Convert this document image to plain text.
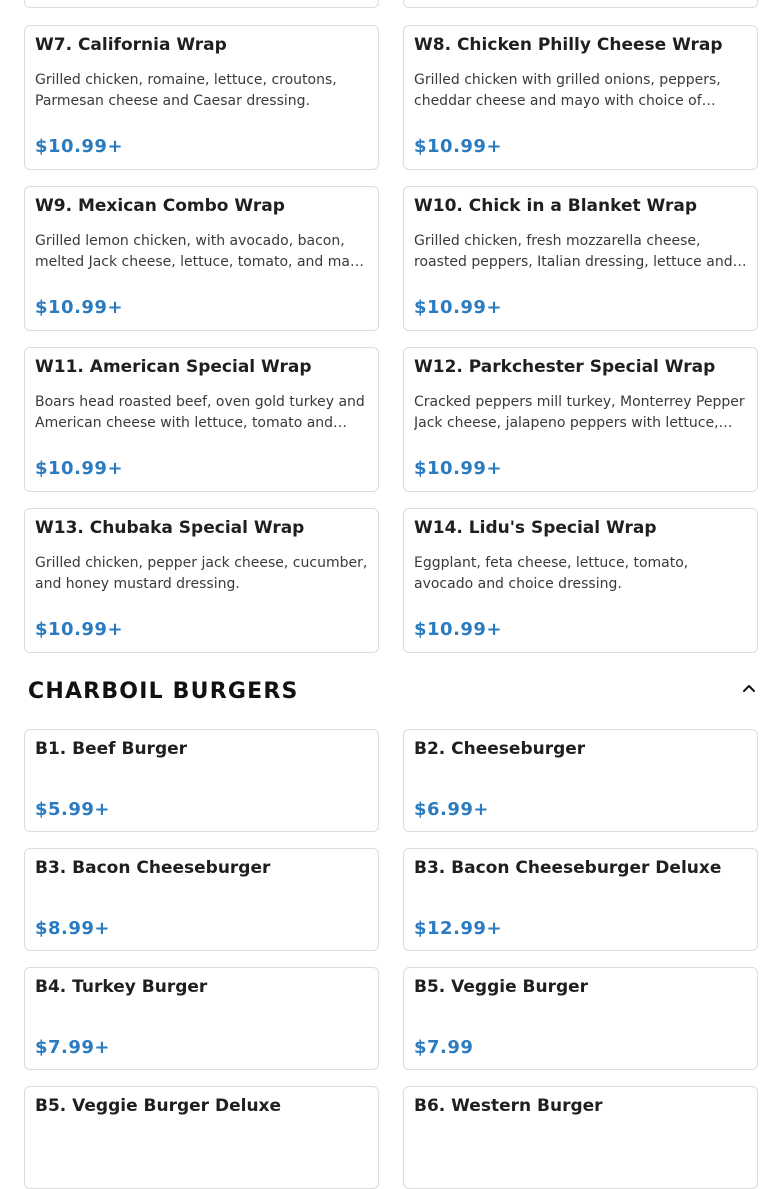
W7. California Wrap
Grilled chicken, romaine, lettuce, croutons, Parmesan cheese and Caesar dressing.
$10.99+
W8. Chicken Philly Cheese Wrap
Grilled chicken with grilled onions, peppers, cheddar cheese and mayo with choice of…
$10.99+
W9. Mexican Combo Wrap
Grilled lemon chicken, with avocado, bacon, melted Jack cheese, lettuce, tomato, and ma…
$10.99+
W10. Chick in a Blanket Wrap
Grilled chicken, fresh mozzarella cheese, roasted peppers, Italian dressing, lettuce and…
$10.99+
W11. American Special Wrap
Boars head roasted beef, oven gold turkey and American cheese with lettuce, tomato and…
$10.99+
W12. Parkchester Special Wrap
Cracked peppers mill turkey, Monterrey Pepper Jack cheese, jalapeno peppers with lettuce,…
$10.99+
W13. Chubaka Special Wrap
Grilled chicken, pepper jack cheese, cucumber, and honey mustard dressing.
$10.99+
W14. Lidu's Special Wrap
Eggplant, feta cheese, lettuce, tomato, avocado and choice dressing.
$10.99+
CHARBOIL BURGERS
B1. Beef Burger
$5.99+
B2. Cheeseburger
$6.99+
B3. Bacon Cheeseburger
$8.99+
B3. Bacon Cheeseburger Deluxe
$12.99+
B4. Turkey Burger
$7.99+
B5. Veggie Burger
$7.99
B5. Veggie Burger Deluxe	B6. Western Burger
